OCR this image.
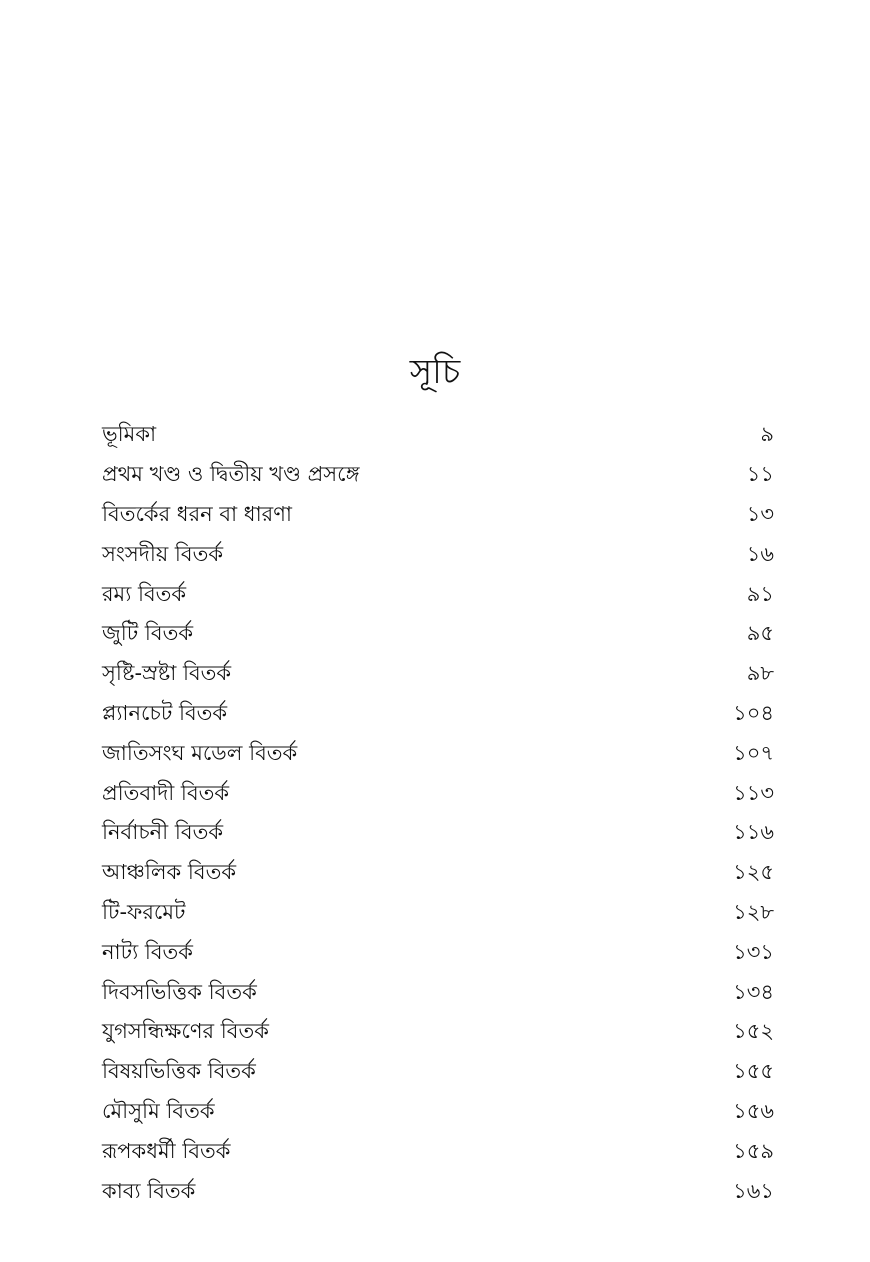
সূচি
ভূমিকা	৯
প্রথম খণ্ড ও দ্বিতীয় খণ্ড প্রসঙ্গে	১১
বিতর্কের ধরন বা ধারণা	১৩
সংসদীয় বিতর্ক	১৬
রম্য বিতর্ক	৯১
জুটি বিতর্ক	৯৫
সৃষ্টি-স্রষ্টা বিতর্ক	৯৮
প্ল্যানচেট বিতর্ক	১০৪
জাতিসংঘ মডেল বিতর্ক	১০৭
প্রতিবাদী বিতর্ক	১১৩
নির্বাচনী বিতর্ক	১১৬
আঞ্চলিক বিতর্ক	১২৫
টি-ফরমেট	১২৮
নাট্য বিতর্ক	১৩১
দিবসভিত্তিক বিতর্ক	১৩৪
যুগসন্ধিক্ষণের বিতর্ক	১৫২
বিষয়ভিত্তিক বিতর্ক	১৫৫
মৌসুমি বিতর্ক	১৫৬
রূপকধর্মী বিতর্ক	১৫৯
কাব্য বিতর্ক	১৬১
